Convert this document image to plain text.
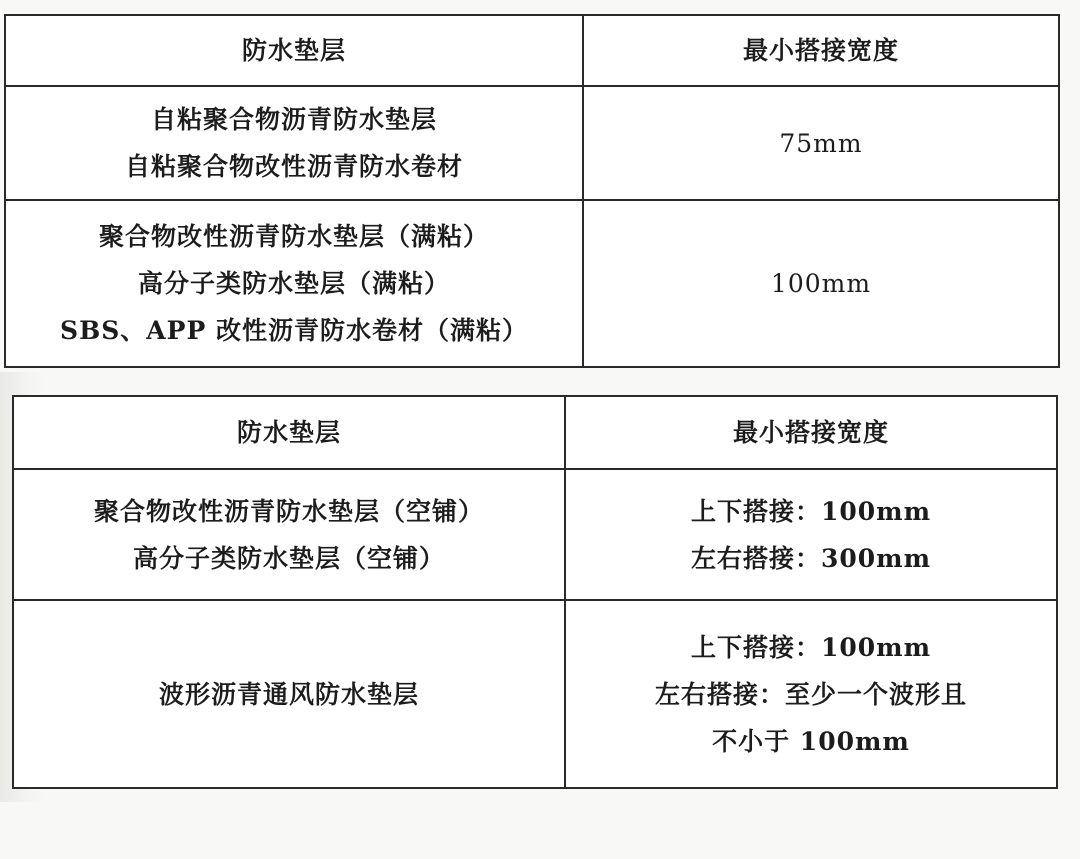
防水垫层	最小搭接宽度

自粘聚合物沥青防水垫层
自粘聚合物改性沥青防水卷材	75mm

聚合物改性沥青防水垫层（满粘）
高分子类防水垫层（满粘）
SBS、APP 改性沥青防水卷材（满粘）	100mm
防水垫层	最小搭接宽度

聚合物改性沥青防水垫层（空铺）
高分子类防水垫层（空铺）	上下搭接：100mm
左右搭接：300mm

波形沥青通风防水垫层	上下搭接：100mm
左右搭接：至少一个波形且
不小于 100mm
